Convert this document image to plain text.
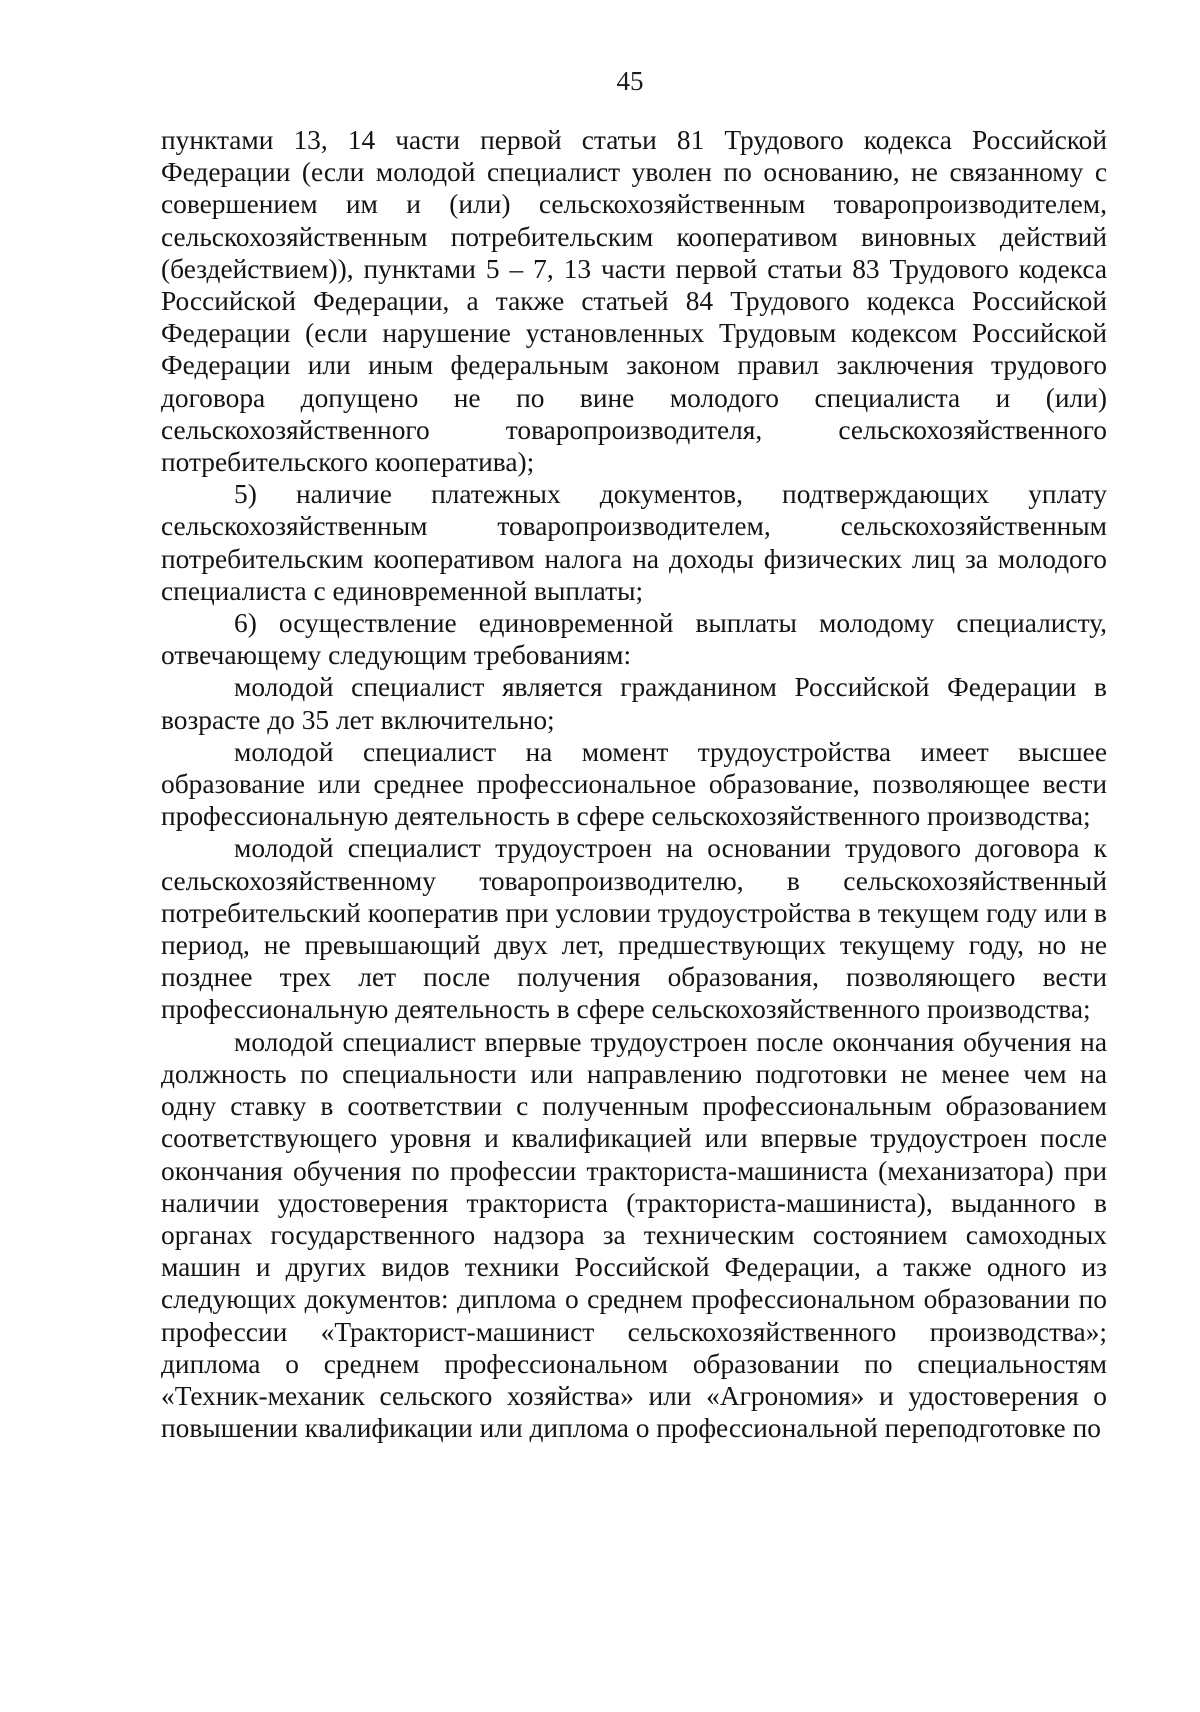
45

пунктами 13, 14 части первой статьи 81 Трудового кодекса Российской Федерации (если молодой специалист уволен по основанию, не связанному с совершением им и (или) сельскохозяйственным товаропроизводителем, сельскохозяйственным потребительским кооперативом виновных действий (бездействием)), пунктами 5 – 7, 13 части первой статьи 83 Трудового кодекса Российской Федерации, а также статьей 84 Трудового кодекса Российской Федерации (если нарушение установленных Трудовым кодексом Российской Федерации или иным федеральным законом правил заключения трудового договора допущено не по вине молодого специалиста и (или) сельскохозяйственного товаропроизводителя, сельскохозяйственного потребительского кооператива);

5) наличие платежных документов, подтверждающих уплату сельскохозяйственным товаропроизводителем, сельскохозяйственным потребительским кооперативом налога на доходы физических лиц за молодого специалиста с единовременной выплаты;

6) осуществление единовременной выплаты молодому специалисту, отвечающему следующим требованиям:

молодой специалист является гражданином Российской Федерации в возрасте до 35 лет включительно;

молодой специалист на момент трудоустройства имеет высшее образование или среднее профессиональное образование, позволяющее вести профессиональную деятельность в сфере сельскохозяйственного производства;

молодой специалист трудоустроен на основании трудового договора к сельскохозяйственному товаропроизводителю, в сельскохозяйственный потребительский кооператив при условии трудоустройства в текущем году или в период, не превышающий двух лет, предшествующих текущему году, но не позднее трех лет после получения образования, позволяющего вести профессиональную деятельность в сфере сельскохозяйственного производства;

молодой специалист впервые трудоустроен после окончания обучения на должность по специальности или направлению подготовки не менее чем на одну ставку в соответствии с полученным профессиональным образованием соответствующего уровня и квалификацией или впервые трудоустроен после окончания обучения по профессии тракториста-машиниста (механизатора) при наличии удостоверения тракториста (тракториста-машиниста), выданного в органах государственного надзора за техническим состоянием самоходных машин и других видов техники Российской Федерации, а также одного из следующих документов: диплома о среднем профессиональном образовании по профессии «Тракторист-машинист сельскохозяйственного производства»; диплома о среднем профессиональном образовании по специальностям «Техник-механик сельского хозяйства» или «Агрономия» и удостоверения о повышении квалификации или диплома о профессиональной переподготовке по
